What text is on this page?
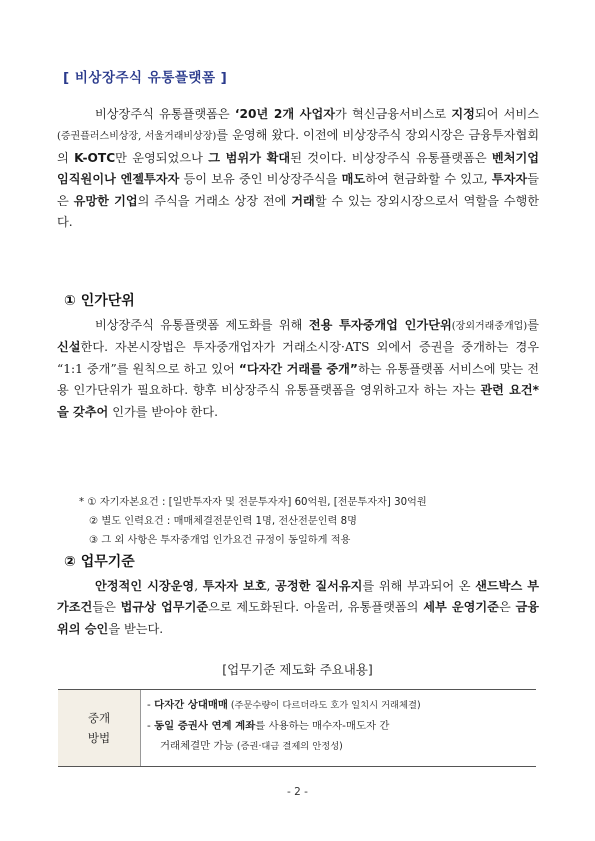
[ 비상장주식 유통플랫폼 ]

비상장주식 유통플랫폼은 ‘20년 2개 사업자가 혁신금융서비스로 지정되어 서비스(증권플러스비상장, 서울거래비상장)를 운영해 왔다. 이전에 비상장주식 장외시장은 금융투자협회의 K-OTC만 운영되었으나 그 범위가 확대된 것이다. 비상장주식 유통플랫폼은 벤처기업 임직원이나 엔젤투자자 등이 보유 중인 비상장주식을 매도하여 현금화할 수 있고, 투자자들은 유망한 기업의 주식을 거래소 상장 전에 거래할 수 있는 장외시장으로서 역할을 수행한다.

① 인가단위

비상장주식 유통플랫폼 제도화를 위해 전용 투자중개업 인가단위(장외거래중개업)를 신설한다. 자본시장법은 투자중개업자가 거래소시장·ATS 외에서 증권을 중개하는 경우 “1:1 중개”를 원칙으로 하고 있어 “다자간 거래를 중개”하는 유통플랫폼 서비스에 맞는 전용 인가단위가 필요하다. 향후 비상장주식 유통플랫폼을 영위하고자 하는 자는 관련 요건*을 갖추어 인가를 받아야 한다.

* ① 자기자본요건 : [일반투자자 및 전문투자자] 60억원, [전문투자자] 30억원
② 별도 인력요건 : 매매체결전문인력 1명, 전산전문인력 8명
③ 그 외 사항은 투자중개업 인가요건 규정이 동일하게 적용
② 업무기준

안정적인 시장운영, 투자자 보호, 공정한 질서유지를 위해 부과되어 온 샌드박스 부가조건들은 법규상 업무기준으로 제도화된다. 아울러, 유통플랫폼의 세부 운영기준은 금융위의 승인을 받는다.

[업무기준 제도화 주요내용]
중개
방법
- 다자간 상대매매 (주문수량이 다르더라도 호가 일치시 거래체결)
- 동일 증권사 연계 계좌를 사용하는 매수자-매도자 간
거래체결만 가능 (증권·대금 결제의 안정성)
- 2 -
